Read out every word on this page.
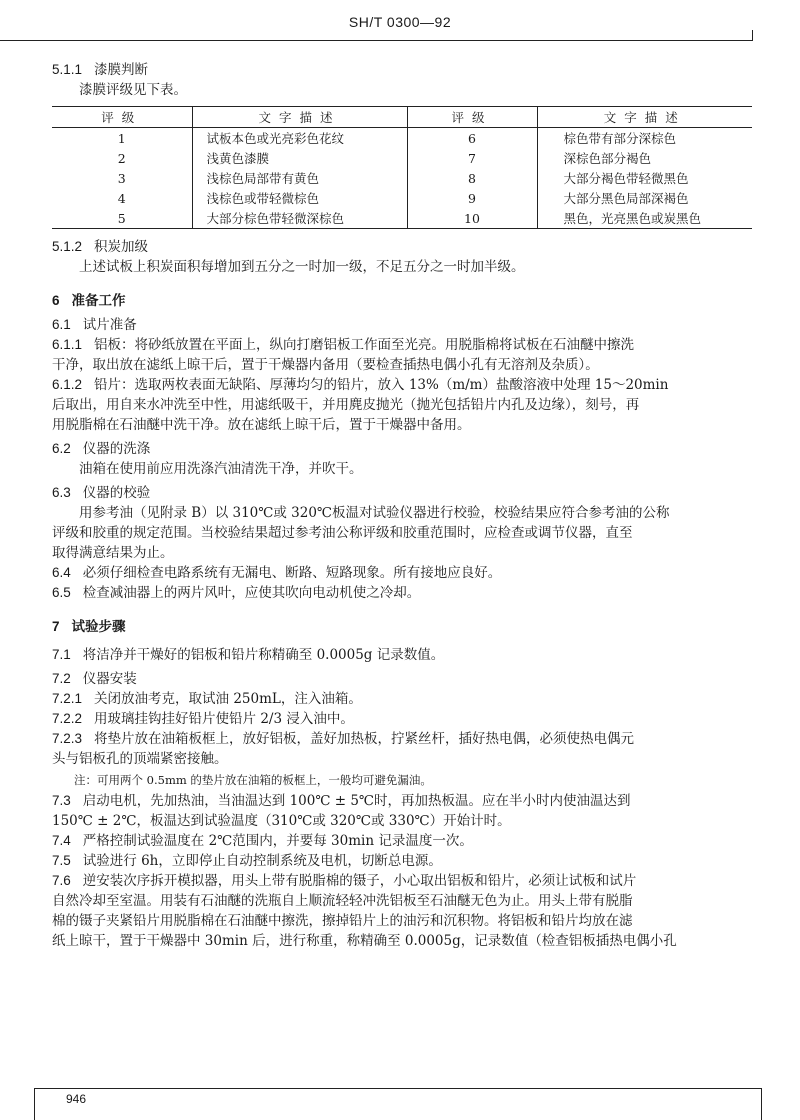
SH/T 0300—92

5.1.1 漆膜判断

漆膜评级见下表。

评级	文字描述	评级	文字描述
1	试板本色或光亮彩色花纹	6	棕色带有部分深棕色
2	浅黄色漆膜	7	深棕色部分褐色
3	浅棕色局部带有黄色	8	大部分褐色带轻微黑色
4	浅棕色或带轻微棕色	9	大部分黑色局部深褐色
5	大部分棕色带轻微深棕色	10	黑色，光亮黑色或炭黑色

5.1.2 积炭加级

上述试板上积炭面积每增加到五分之一时加一级，不足五分之一时加半级。

6 准备工作

6.1 试片准备

6.1.1 铝板：将砂纸放置在平面上，纵向打磨铝板工作面至光亮。用脱脂棉将试板在石油醚中擦洗

干净，取出放在滤纸上晾干后，置于干燥器内备用（要检查插热电偶小孔有无溶剂及杂质）。

6.1.2 铅片：选取两枚表面无缺陷、厚薄均匀的铅片，放入 13%（m/m）盐酸溶液中处理 15～20min

后取出，用自来水冲洗至中性，用滤纸吸干，并用麂皮抛光（抛光包括铅片内孔及边缘），刻号，再

用脱脂棉在石油醚中洗干净。放在滤纸上晾干后，置于干燥器中备用。

6.2 仪器的洗涤

油箱在使用前应用洗涤汽油清洗干净，并吹干。

6.3 仪器的校验

用参考油（见附录 B）以 310℃或 320℃板温对试验仪器进行校验，校验结果应符合参考油的公称

评级和胶重的规定范围。当校验结果超过参考油公称评级和胶重范围时，应检查或调节仪器，直至

取得满意结果为止。

6.4 必须仔细检查电路系统有无漏电、断路、短路现象。所有接地应良好。

6.5 检查减油器上的两片风叶，应使其吹向电动机使之冷却。

7 试验步骤

7.1 将洁净并干燥好的铝板和铅片称精确至 0.0005g 记录数值。

7.2 仪器安装

7.2.1 关闭放油考克，取试油 250mL，注入油箱。

7.2.2 用玻璃挂钩挂好铅片使铅片 2/3 浸入油中。

7.2.3 将垫片放在油箱板框上，放好铝板，盖好加热板，拧紧丝杆，插好热电偶，必须使热电偶元

头与铝板孔的顶端紧密接触。

注：可用两个 0.5mm 的垫片放在油箱的板框上，一般均可避免漏油。

7.3 启动电机，先加热油，当油温达到 100℃ ± 5℃时，再加热板温。应在半小时内使油温达到

150℃ ± 2℃，板温达到试验温度（310℃或 320℃或 330℃）开始计时。

7.4 严格控制试验温度在 2℃范围内，并要每 30min 记录温度一次。

7.5 试验进行 6h，立即停止自动控制系统及电机，切断总电源。

7.6 逆安装次序拆开模拟器，用头上带有脱脂棉的镊子，小心取出铝板和铅片，必须让试板和试片

自然冷却至室温。用装有石油醚的洗瓶自上顺流轻轻冲洗铝板至石油醚无色为止。用头上带有脱脂

棉的镊子夹紧铅片用脱脂棉在石油醚中擦洗，擦掉铅片上的油污和沉积物。将铝板和铅片均放在滤

纸上晾干，置于干燥器中 30min 后，进行称重，称精确至 0.0005g，记录数值（检查铝板插热电偶小孔

946
